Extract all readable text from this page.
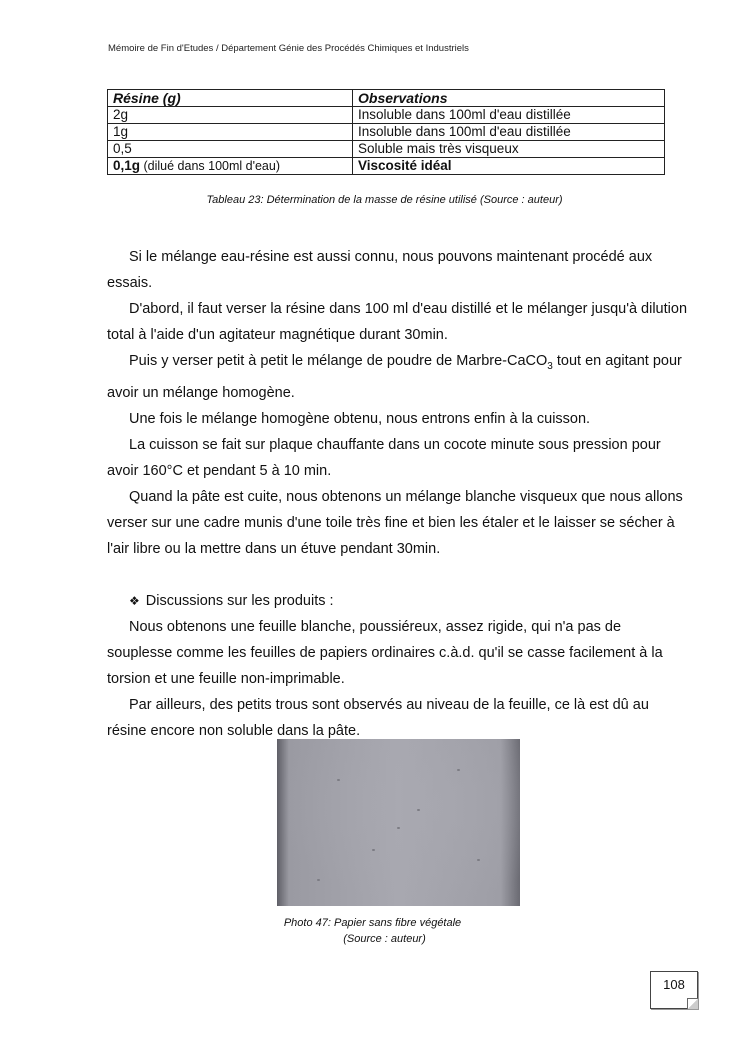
Mémoire de Fin d'Etudes / Département Génie des Procédés Chimiques et Industriels
Résine (g)	Observations
2g	Insoluble dans 100ml d'eau distillée
1g	Insoluble dans 100ml d'eau distillée
0,5	Soluble mais très visqueux
0,1g (dilué dans 100ml d'eau)	Viscosité idéal
Tableau 23: Détermination de la masse de résine utilisé (Source : auteur)

Si le mélange eau-résine est aussi connu, nous pouvons maintenant procédé aux essais.

D'abord, il faut verser la résine dans 100 ml d'eau distillé et le mélanger jusqu'à dilution total à l'aide d'un agitateur magnétique durant 30min.

Puis y verser petit à petit le mélange de poudre de Marbre-CaCO$_3$ tout en agitant pour avoir un mélange homogène.

Une fois le mélange homogène obtenu, nous entrons enfin à la cuisson.

La cuisson se fait sur plaque chauffante dans un cocote minute sous pression pour avoir 160°C et pendant 5 à 10 min.

Quand la pâte est cuite, nous obtenons un mélange blanche visqueux que nous allons verser sur une cadre munis d'une toile très fine et bien les étaler et le laisser se sécher à l'air libre ou la mettre dans un étuve pendant 30min.

❖ Discussions sur les produits :

Nous obtenons une feuille blanche, poussiéreux, assez rigide, qui n'a pas de souplesse comme les feuilles de papiers ordinaires c.à.d. qu'il se casse facilement à la torsion et une feuille non-imprimable.

Par ailleurs, des petits trous sont observés au niveau de la feuille, ce là est dû au résine encore non soluble dans la pâte.

Photo 47: Papier sans fibre végétale
(Source : auteur)
108
